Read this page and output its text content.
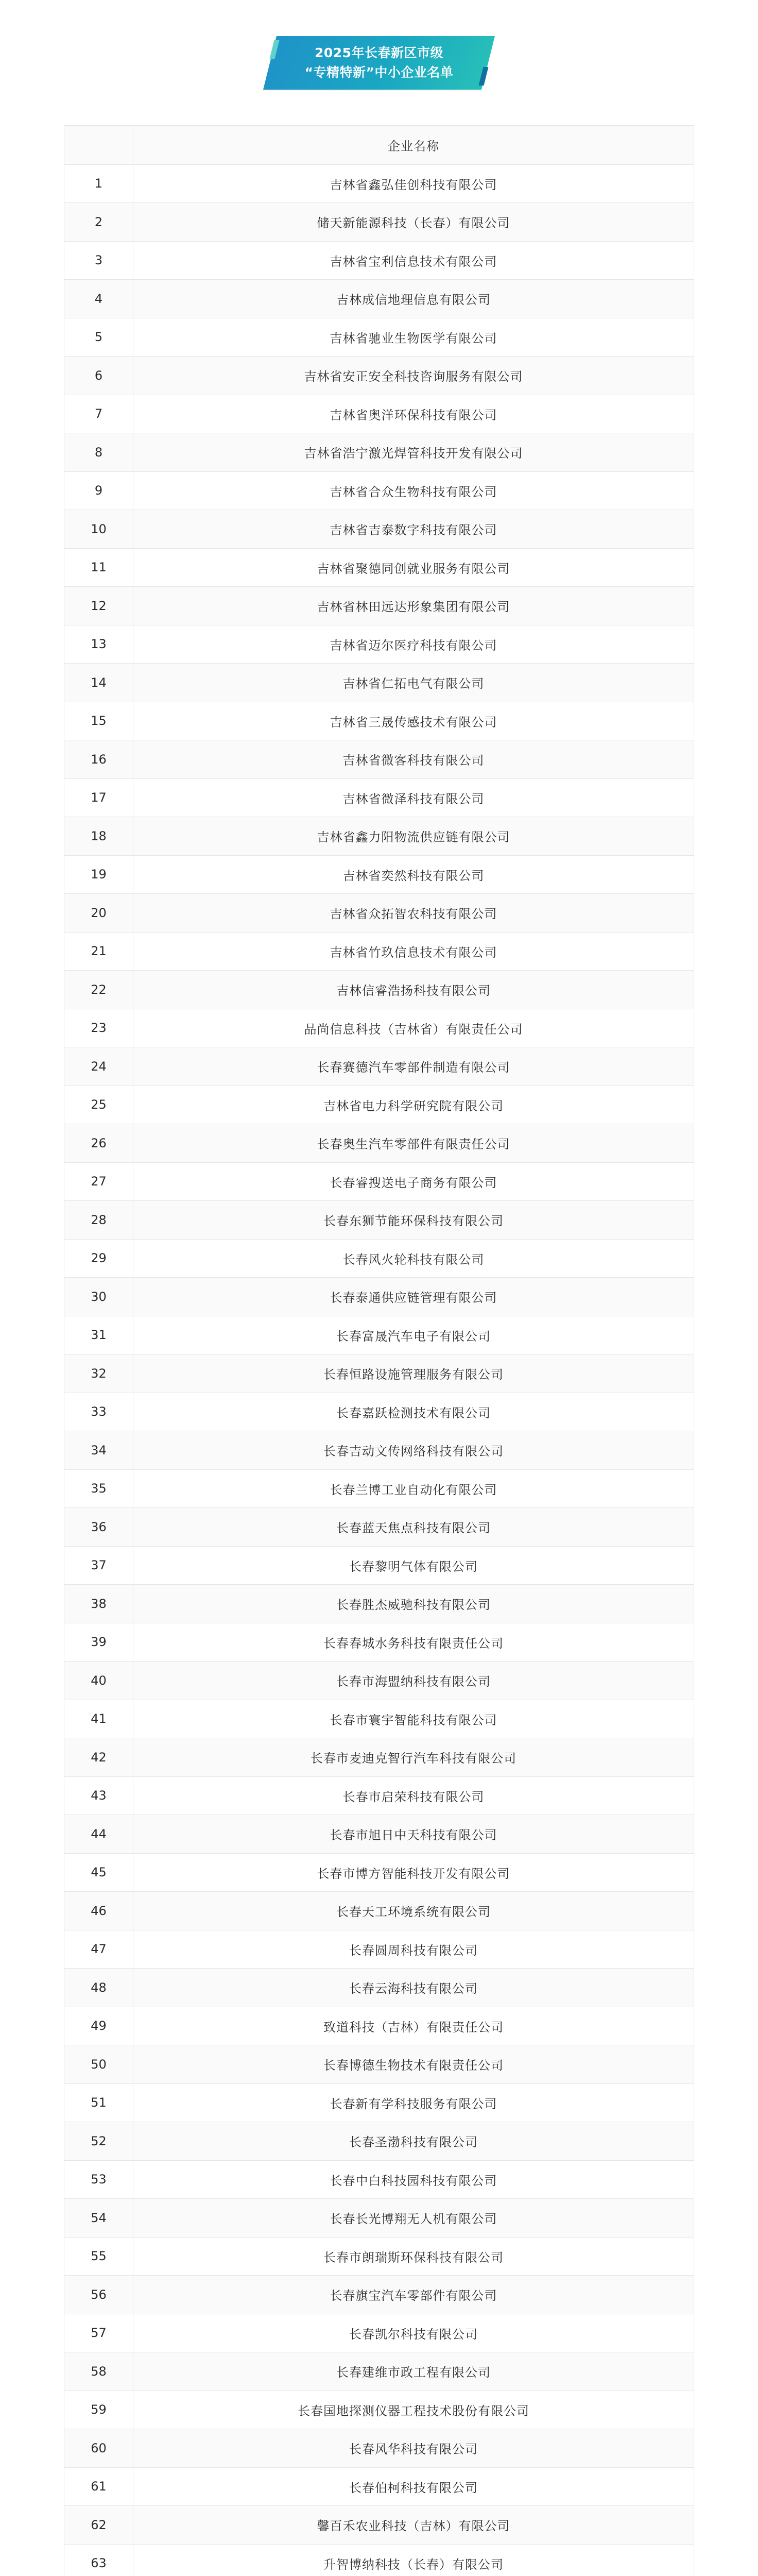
2025年长春新区市级
“专精特新”中小企业名单
企业名称
1	吉林省鑫弘佳创科技有限公司
2	储天新能源科技（长春）有限公司
3	吉林省宝利信息技术有限公司
4	吉林成信地理信息有限公司
5	吉林省驰业生物医学有限公司
6	吉林省安正安全科技咨询服务有限公司
7	吉林省奥洋环保科技有限公司
8	吉林省浩宁激光焊管科技开发有限公司
9	吉林省合众生物科技有限公司
10	吉林省吉泰数字科技有限公司
11	吉林省聚德同创就业服务有限公司
12	吉林省林田远达形象集团有限公司
13	吉林省迈尔医疗科技有限公司
14	吉林省仁拓电气有限公司
15	吉林省三晟传感技术有限公司
16	吉林省微客科技有限公司
17	吉林省微泽科技有限公司
18	吉林省鑫力阳物流供应链有限公司
19	吉林省奕然科技有限公司
20	吉林省众拓智农科技有限公司
21	吉林省竹玖信息技术有限公司
22	吉林信睿浩扬科技有限公司
23	品尚信息科技（吉林省）有限责任公司
24	长春赛德汽车零部件制造有限公司
25	吉林省电力科学研究院有限公司
26	长春奥生汽车零部件有限责任公司
27	长春睿搜送电子商务有限公司
28	长春东狮节能环保科技有限公司
29	长春风火轮科技有限公司
30	长春泰通供应链管理有限公司
31	长春富晟汽车电子有限公司
32	长春恒路设施管理服务有限公司
33	长春嘉跃检测技术有限公司
34	长春吉动文传网络科技有限公司
35	长春兰博工业自动化有限公司
36	长春蓝天焦点科技有限公司
37	长春黎明气体有限公司
38	长春胜杰威驰科技有限公司
39	长春春城水务科技有限责任公司
40	长春市海盟纳科技有限公司
41	长春市寰宇智能科技有限公司
42	长春市麦迪克智行汽车科技有限公司
43	长春市启荣科技有限公司
44	长春市旭日中天科技有限公司
45	长春市博方智能科技开发有限公司
46	长春天工环境系统有限公司
47	长春圆周科技有限公司
48	长春云海科技有限公司
49	致道科技（吉林）有限责任公司
50	长春博德生物技术有限责任公司
51	长春新有学科技服务有限公司
52	长春圣渤科技有限公司
53	长春中白科技园科技有限公司
54	长春长光博翔无人机有限公司
55	长春市朗瑞斯环保科技有限公司
56	长春旗宝汽车零部件有限公司
57	长春凯尔科技有限公司
58	长春建维市政工程有限公司
59	长春国地探测仪器工程技术股份有限公司
60	长春风华科技有限公司
61	长春伯柯科技有限公司
62	馨百禾农业科技（吉林）有限公司
63	升智博纳科技（长春）有限公司
